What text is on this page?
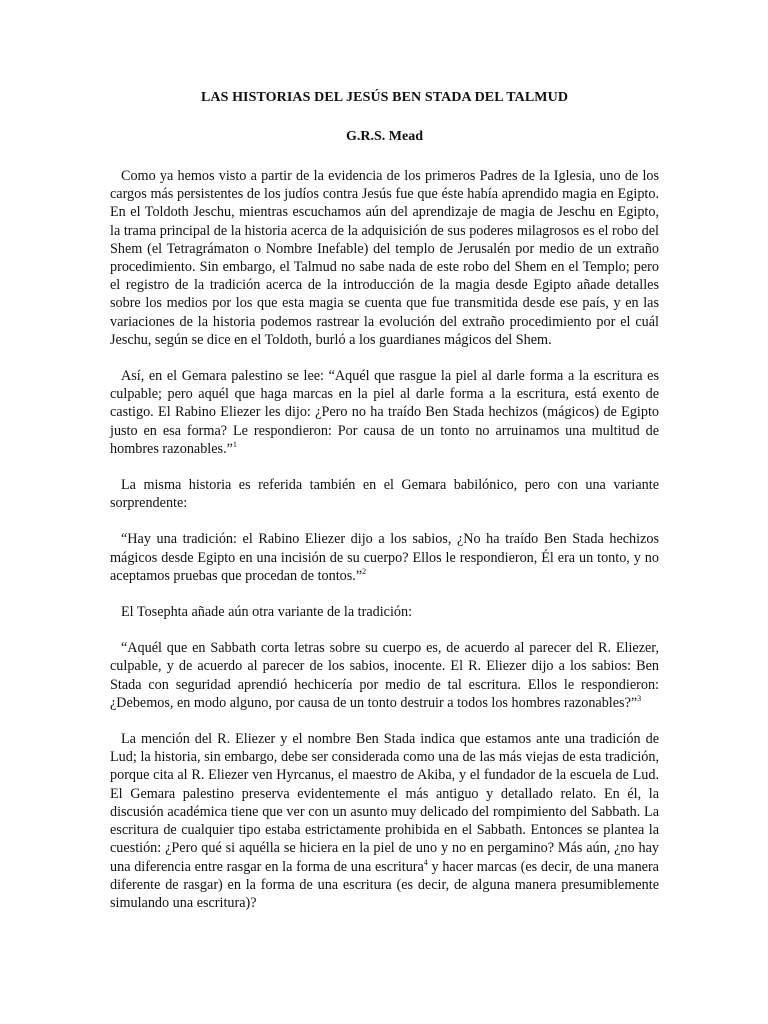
LAS HISTORIAS DEL JESÚS BEN STADA DEL TALMUD
G.R.S. Mead

Como ya hemos visto a partir de la evidencia de los primeros Padres de la Iglesia, uno de los cargos más persistentes de los judíos contra Jesús fue que éste había aprendido magia en Egipto. En el Toldoth Jeschu, mientras escuchamos aún del aprendizaje de magia de Jeschu en Egipto, la trama principal de la historia acerca de la adquisición de sus poderes milagrosos es el robo del Shem (el Tetragrámaton o Nombre Inefable) del templo de Jerusalén por medio de un extraño procedimiento. Sin embargo, el Talmud no sabe nada de este robo del Shem en el Templo; pero el registro de la tradición acerca de la introducción de la magia desde Egipto añade detalles sobre los medios por los que esta magia se cuenta que fue transmitida desde ese país, y en las variaciones de la historia podemos rastrear la evolución del extraño procedimiento por el cuál Jeschu, según se dice en el Toldoth, burló a los guardianes mágicos del Shem.

Así, en el Gemara palestino se lee: “Aquél que rasgue la piel al darle forma a la escritura es culpable; pero aquél que haga marcas en la piel al darle forma a la escritura, está exento de castigo. El Rabino Eliezer les dijo: ¿Pero no ha traído Ben Stada hechizos (mágicos) de Egipto justo en esa forma? Le respondieron: Por causa de un tonto no arruinamos una multitud de hombres razonables.”$^1$

La misma historia es referida también en el Gemara babilónico, pero con una variante sorprendente:

“Hay una tradición: el Rabino Eliezer dijo a los sabios, ¿No ha traído Ben Stada hechizos mágicos desde Egipto en una incisión de su cuerpo? Ellos le respondieron, Él era un tonto, y no aceptamos pruebas que procedan de tontos.”$^2$

El Tosephta añade aún otra variante de la tradición:

“Aquél que en Sabbath corta letras sobre su cuerpo es, de acuerdo al parecer del R. Eliezer, culpable, y de acuerdo al parecer de los sabios, inocente. El R. Eliezer dijo a los sabios: Ben Stada con seguridad aprendió hechicería por medio de tal escritura. Ellos le respondieron: ¿Debemos, en modo alguno, por causa de un tonto destruir a todos los hombres razonables?”$^3$

La mención del R. Eliezer y el nombre Ben Stada indica que estamos ante una tradición de Lud; la historia, sin embargo, debe ser considerada como una de las más viejas de esta tradición, porque cita al R. Eliezer ven Hyrcanus, el maestro de Akiba, y el fundador de la escuela de Lud. El Gemara palestino preserva evidentemente el más antiguo y detallado relato. En él, la discusión académica tiene que ver con un asunto muy delicado del rompimiento del Sabbath. La escritura de cualquier tipo estaba estrictamente prohibida en el Sabbath. Entonces se plantea la cuestión: ¿Pero qué si aquélla se hiciera en la piel de uno y no en pergamino? Más aún, ¿no hay una diferencia entre rasgar en la forma de una escritura$^4$ y hacer marcas (es decir, de una manera diferente de rasgar) en la forma de una escritura (es decir, de alguna manera presumiblemente simulando una escritura)?
